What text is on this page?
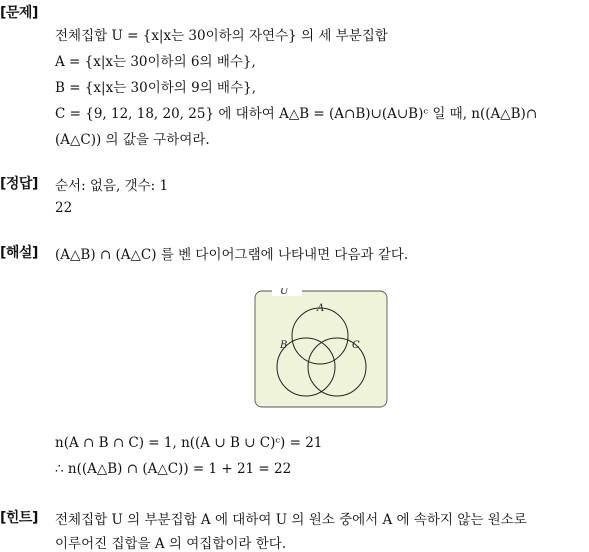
[문제]
전체집합 U = {x|x는 30이하의 자연수} 의 세 부분집합
A = {x|x는 30이하의 6의 배수},
B = {x|x는 30이하의 9의 배수},
C = {9, 12, 18, 20, 25} 에 대하여 A△B = (A∩B)∪(A∪B)ᶜ 일 때, n((A△B)∩
(A△C)) 의 값을 구하여라.
[정답] 순서: 없음, 갯수: 1
22
[해설] (A△B) ∩ (A△C) 를 벤 다이어그램에 나타내면 다음과 같다.
U
A
B	C
n(A ∩ B ∩ C) = 1, n((A ∪ B ∪ C)ᶜ) = 21
∴ n((A△B) ∩ (A△C)) = 1 + 21 = 22
[힌트] 전체집합 U 의 부분집합 A 에 대하여 U 의 원소 중에서 A 에 속하지 않는 원소로
이루어진 집합을 A 의 여집합이라 한다.
